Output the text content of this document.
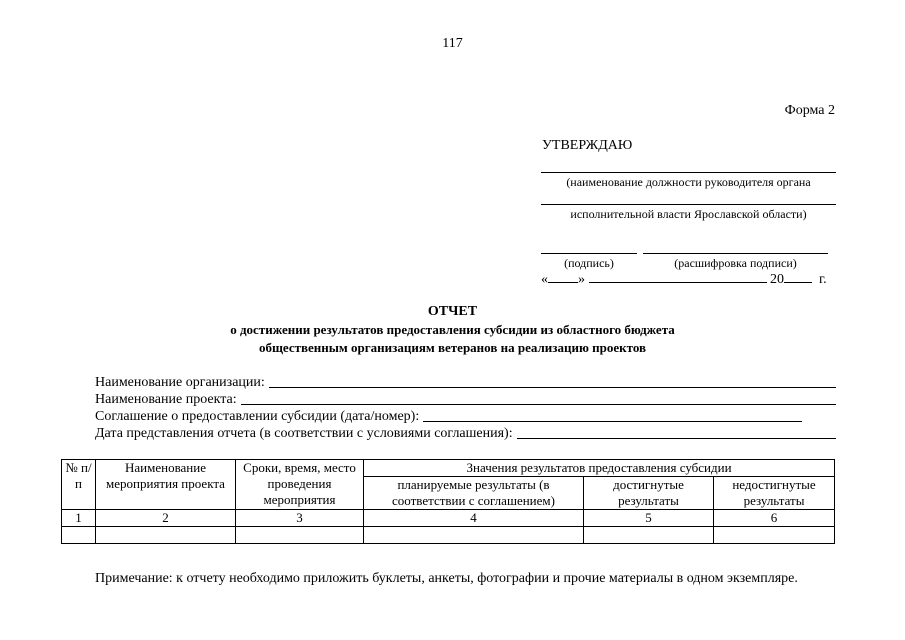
117
Форма 2
УТВЕРЖДАЮ
(наименование должности руководителя органа
исполнительной власти Ярославской области)
(подпись)	(расшифровка подписи)
« »	20	г.
ОТЧЕТ
о достижении результатов предоставления субсидии из областного бюджета
общественным организациям ветеранов на реализацию проектов
Наименование организации:
Наименование проекта:
Соглашение о предоставлении субсидии (дата/номер):
Дата представления отчета (в соответствии с условиями соглашения):
№ п/п	Наименование мероприятия проекта	Сроки, время, место проведения мероприятия	Значения результатов предоставления субсидии		
			планируемые результаты (в соответствии с соглашением)	достигнутые результаты	недостигнутые результаты
1	2	3	4	5	6

Примечание: к отчету необходимо приложить буклеты, анкеты, фотографии и прочие материалы в одном экземпляре.
